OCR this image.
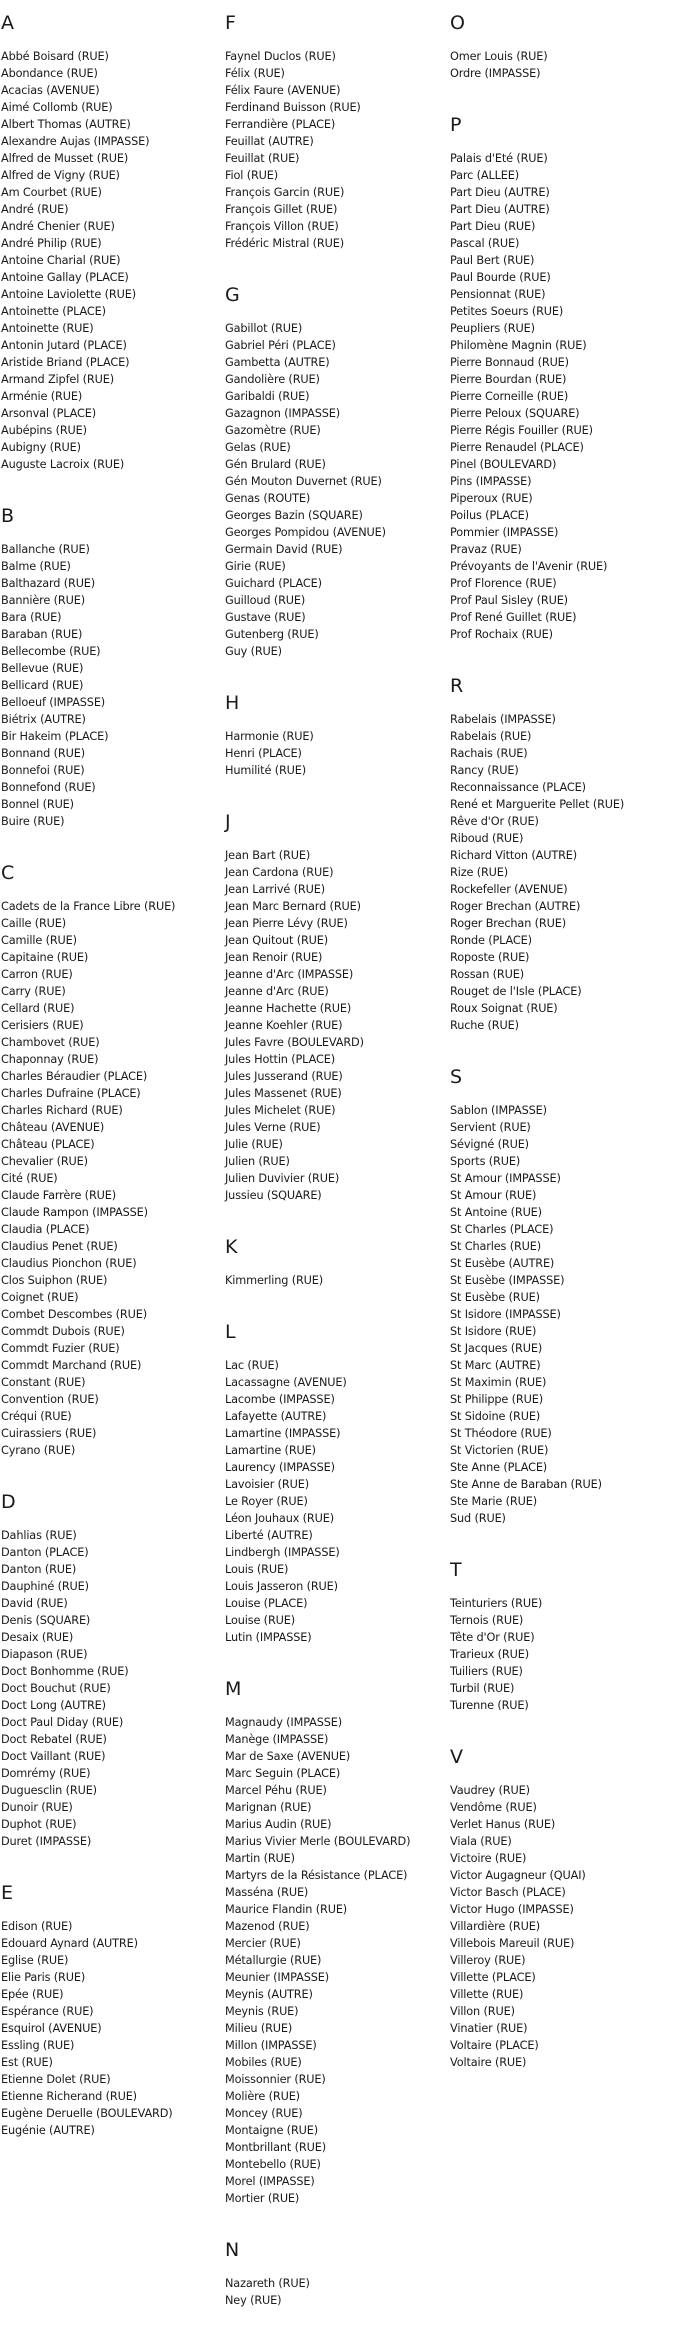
A
Abbé Boisard (RUE)
Abondance (RUE)
Acacias (AVENUE)
Aimé Collomb (RUE)
Albert Thomas (AUTRE)
Alexandre Aujas (IMPASSE)
Alfred de Musset (RUE)
Alfred de Vigny (RUE)
Am Courbet (RUE)
André (RUE)
André Chenier (RUE)
André Philip (RUE)
Antoine Charial (RUE)
Antoine Gallay (PLACE)
Antoine Laviolette (RUE)
Antoinette (PLACE)
Antoinette (RUE)
Antonin Jutard (PLACE)
Aristide Briand (PLACE)
Armand Zipfel (RUE)
Arménie (RUE)
Arsonval (PLACE)
Aubépins (RUE)
Aubigny (RUE)
Auguste Lacroix (RUE)
B
Ballanche (RUE)
Balme (RUE)
Balthazard (RUE)
Bannière (RUE)
Bara (RUE)
Baraban (RUE)
Bellecombe (RUE)
Bellevue (RUE)
Bellicard (RUE)
Belloeuf (IMPASSE)
Biétrix (AUTRE)
Bir Hakeim (PLACE)
Bonnand (RUE)
Bonnefoi (RUE)
Bonnefond (RUE)
Bonnel (RUE)
Buire (RUE)
C
Cadets de la France Libre (RUE)
Caille (RUE)
Camille (RUE)
Capitaine (RUE)
Carron (RUE)
Carry (RUE)
Cellard (RUE)
Cerisiers (RUE)
Chambovet (RUE)
Chaponnay (RUE)
Charles Béraudier (PLACE)
Charles Dufraine (PLACE)
Charles Richard (RUE)
Château (AVENUE)
Château (PLACE)
Chevalier (RUE)
Cité (RUE)
Claude Farrère (RUE)
Claude Rampon (IMPASSE)
Claudia (PLACE)
Claudius Penet (RUE)
Claudius Pionchon (RUE)
Clos Suiphon (RUE)
Coignet (RUE)
Combet Descombes (RUE)
Commdt Dubois (RUE)
Commdt Fuzier (RUE)
Commdt Marchand (RUE)
Constant (RUE)
Convention (RUE)
Créqui (RUE)
Cuirassiers (RUE)
Cyrano (RUE)
D
Dahlias (RUE)
Danton (PLACE)
Danton (RUE)
Dauphiné (RUE)
David (RUE)
Denis (SQUARE)
Desaix (RUE)
Diapason (RUE)
Doct Bonhomme (RUE)
Doct Bouchut (RUE)
Doct Long (AUTRE)
Doct Paul Diday (RUE)
Doct Rebatel (RUE)
Doct Vaillant (RUE)
Domrémy (RUE)
Duguesclin (RUE)
Dunoir (RUE)
Duphot (RUE)
Duret (IMPASSE)
E
Edison (RUE)
Edouard Aynard (AUTRE)
Eglise (RUE)
Elie Paris (RUE)
Epée (RUE)
Espérance (RUE)
Esquirol (AVENUE)
Essling (RUE)
Est (RUE)
Etienne Dolet (RUE)
Etienne Richerand (RUE)
Eugène Deruelle (BOULEVARD)
Eugénie (AUTRE)
F
Faynel Duclos (RUE)
Félix (RUE)
Félix Faure (AVENUE)
Ferdinand Buisson (RUE)
Ferrandière (PLACE)
Feuillat (AUTRE)
Feuillat (RUE)
Fiol (RUE)
François Garcin (RUE)
François Gillet (RUE)
François Villon (RUE)
Frédéric Mistral (RUE)
G
Gabillot (RUE)
Gabriel Péri (PLACE)
Gambetta (AUTRE)
Gandolière (RUE)
Garibaldi (RUE)
Gazagnon (IMPASSE)
Gazomètre (RUE)
Gelas (RUE)
Gén Brulard (RUE)
Gén Mouton Duvernet (RUE)
Genas (ROUTE)
Georges Bazin (SQUARE)
Georges Pompidou (AVENUE)
Germain David (RUE)
Girie (RUE)
Guichard (PLACE)
Guilloud (RUE)
Gustave (RUE)
Gutenberg (RUE)
Guy (RUE)
H
Harmonie (RUE)
Henri (PLACE)
Humilité (RUE)
J
Jean Bart (RUE)
Jean Cardona (RUE)
Jean Larrivé (RUE)
Jean Marc Bernard (RUE)
Jean Pierre Lévy (RUE)
Jean Quitout (RUE)
Jean Renoir (RUE)
Jeanne d'Arc (IMPASSE)
Jeanne d'Arc (RUE)
Jeanne Hachette (RUE)
Jeanne Koehler (RUE)
Jules Favre (BOULEVARD)
Jules Hottin (PLACE)
Jules Jusserand (RUE)
Jules Massenet (RUE)
Jules Michelet (RUE)
Jules Verne (RUE)
Julie (RUE)
Julien (RUE)
Julien Duvivier (RUE)
Jussieu (SQUARE)
K
Kimmerling (RUE)
L
Lac (RUE)
Lacassagne (AVENUE)
Lacombe (IMPASSE)
Lafayette (AUTRE)
Lamartine (IMPASSE)
Lamartine (RUE)
Laurency (IMPASSE)
Lavoisier (RUE)
Le Royer (RUE)
Léon Jouhaux (RUE)
Liberté (AUTRE)
Lindbergh (IMPASSE)
Louis (RUE)
Louis Jasseron (RUE)
Louise (PLACE)
Louise (RUE)
Lutin (IMPASSE)
M
Magnaudy (IMPASSE)
Manège (IMPASSE)
Mar de Saxe (AVENUE)
Marc Seguin (PLACE)
Marcel Péhu (RUE)
Marignan (RUE)
Marius Audin (RUE)
Marius Vivier Merle (BOULEVARD)
Martin (RUE)
Martyrs de la Résistance (PLACE)
Masséna (RUE)
Maurice Flandin (RUE)
Mazenod (RUE)
Mercier (RUE)
Métallurgie (RUE)
Meunier (IMPASSE)
Meynis (AUTRE)
Meynis (RUE)
Milieu (RUE)
Millon (IMPASSE)
Mobiles (RUE)
Moissonnier (RUE)
Molière (RUE)
Moncey (RUE)
Montaigne (RUE)
Montbrillant (RUE)
Montebello (RUE)
Morel (IMPASSE)
Mortier (RUE)
N
Nazareth (RUE)
Ney (RUE)
O
Omer Louis (RUE)
Ordre (IMPASSE)
P
Palais d'Eté (RUE)
Parc (ALLEE)
Part Dieu (AUTRE)
Part Dieu (AUTRE)
Part Dieu (RUE)
Pascal (RUE)
Paul Bert (RUE)
Paul Bourde (RUE)
Pensionnat (RUE)
Petites Soeurs (RUE)
Peupliers (RUE)
Philomène Magnin (RUE)
Pierre Bonnaud (RUE)
Pierre Bourdan (RUE)
Pierre Corneille (RUE)
Pierre Peloux (SQUARE)
Pierre Régis Fouiller (RUE)
Pierre Renaudel (PLACE)
Pinel (BOULEVARD)
Pins (IMPASSE)
Piperoux (RUE)
Poilus (PLACE)
Pommier (IMPASSE)
Pravaz (RUE)
Prévoyants de l'Avenir (RUE)
Prof Florence (RUE)
Prof Paul Sisley (RUE)
Prof René Guillet (RUE)
Prof Rochaix (RUE)
R
Rabelais (IMPASSE)
Rabelais (RUE)
Rachais (RUE)
Rancy (RUE)
Reconnaissance (PLACE)
René et Marguerite Pellet (RUE)
Rêve d'Or (RUE)
Riboud (RUE)
Richard Vitton (AUTRE)
Rize (RUE)
Rockefeller (AVENUE)
Roger Brechan (AUTRE)
Roger Brechan (RUE)
Ronde (PLACE)
Roposte (RUE)
Rossan (RUE)
Rouget de l'Isle (PLACE)
Roux Soignat (RUE)
Ruche (RUE)
S
Sablon (IMPASSE)
Servient (RUE)
Sévigné (RUE)
Sports (RUE)
St Amour (IMPASSE)
St Amour (RUE)
St Antoine (RUE)
St Charles (PLACE)
St Charles (RUE)
St Eusèbe (AUTRE)
St Eusèbe (IMPASSE)
St Eusèbe (RUE)
St Isidore (IMPASSE)
St Isidore (RUE)
St Jacques (RUE)
St Marc (AUTRE)
St Maximin (RUE)
St Philippe (RUE)
St Sidoine (RUE)
St Théodore (RUE)
St Victorien (RUE)
Ste Anne (PLACE)
Ste Anne de Baraban (RUE)
Ste Marie (RUE)
Sud (RUE)
T
Teinturiers (RUE)
Ternois (RUE)
Tête d'Or (RUE)
Trarieux (RUE)
Tuiliers (RUE)
Turbil (RUE)
Turenne (RUE)
V
Vaudrey (RUE)
Vendôme (RUE)
Verlet Hanus (RUE)
Viala (RUE)
Victoire (RUE)
Victor Augagneur (QUAI)
Victor Basch (PLACE)
Victor Hugo (IMPASSE)
Villardière (RUE)
Villebois Mareuil (RUE)
Villeroy (RUE)
Villette (PLACE)
Villette (RUE)
Villon (RUE)
Vinatier (RUE)
Voltaire (PLACE)
Voltaire (RUE)
